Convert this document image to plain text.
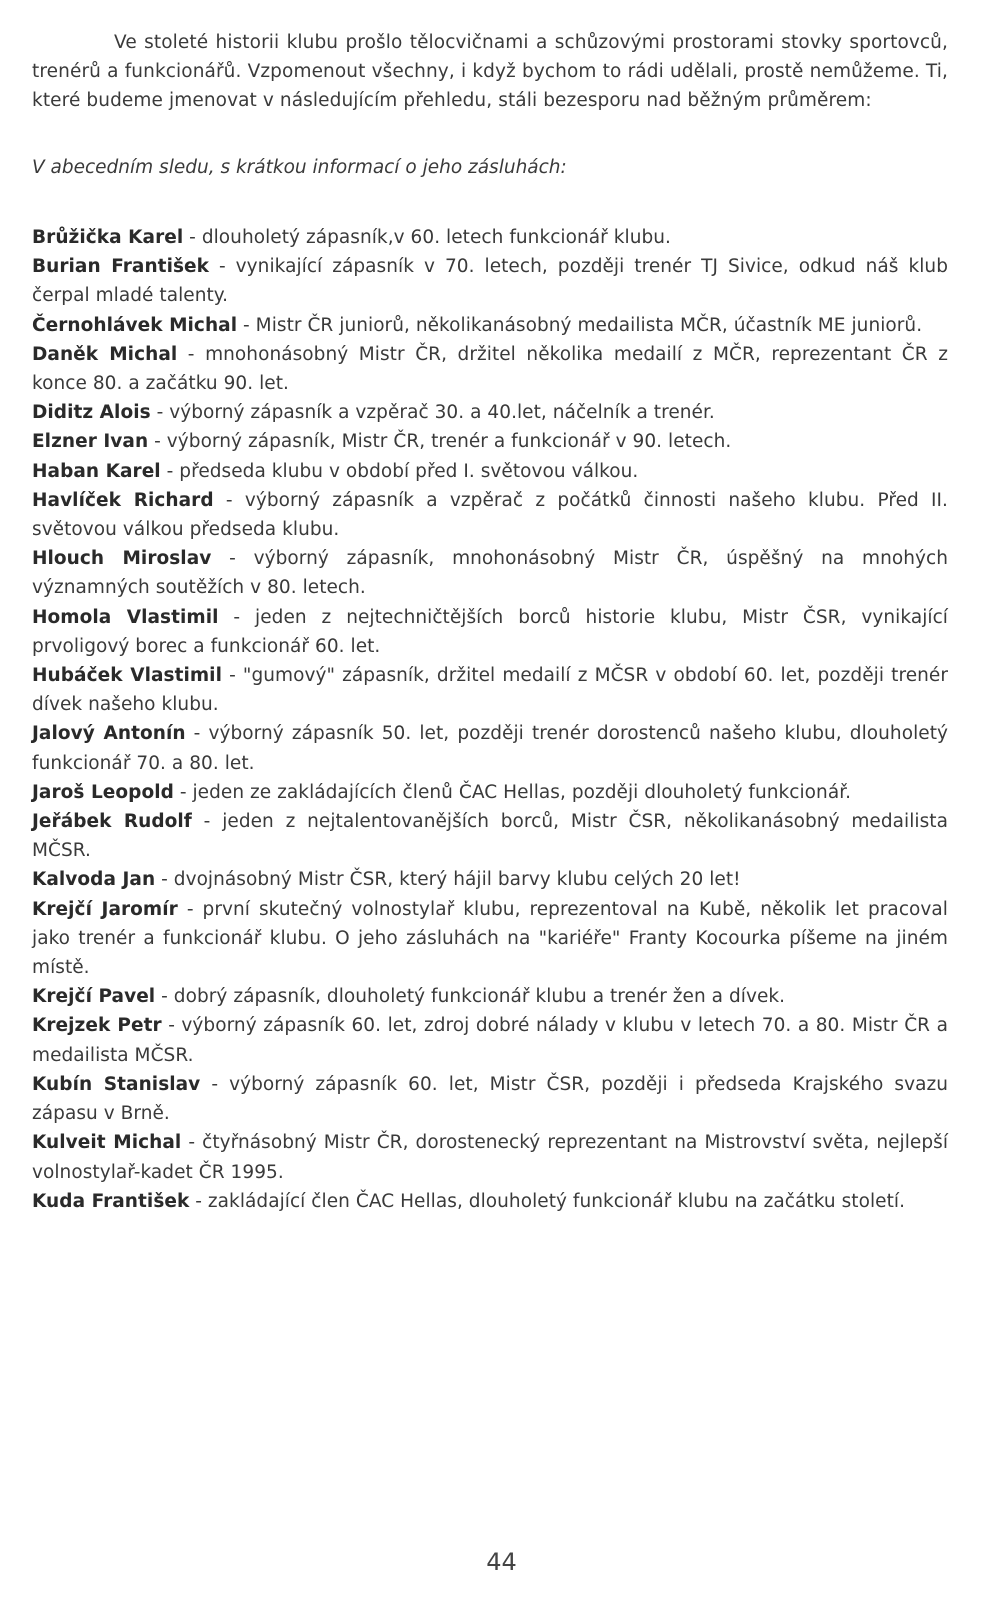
Ve stoleté historii klubu prošlo tělocvičnami a schůzovými prostorami stovky sportovců, trenérů a funkcionářů. Vzpomenout všechny, i když bychom to rádi udělali, prostě nemůžeme. Ti, které budeme jmenovat v následujícím přehledu, stáli bezesporu nad běžným průměrem:

V abecedním sledu, s krátkou informací o jeho zásluhách:

Brůžička Karel - dlouholetý zápasník,v 60. letech funkcionář klubu.
Burian František - vynikající zápasník v 70. letech, později trenér TJ Sivice, odkud náš klub čerpal mladé talenty.
Černohlávek Michal - Mistr ČR juniorů, několikanásobný medailista MČR, účastník ME juniorů.
Daněk Michal - mnohonásobný Mistr ČR, držitel několika medailí z MČR, reprezentant ČR z konce 80. a začátku 90. let.
Diditz Alois - výborný zápasník a vzpěrač 30. a 40.let, náčelník a trenér.
Elzner Ivan - výborný zápasník, Mistr ČR, trenér a funkcionář v 90. letech.
Haban Karel - předseda klubu v období před I. světovou válkou.
Havlíček Richard - výborný zápasník a vzpěrač z počátků činnosti našeho klubu. Před II. světovou válkou předseda klubu.
Hlouch Miroslav - výborný zápasník, mnohonásobný Mistr ČR, úspěšný na mnohých významných soutěžích v 80. letech.
Homola Vlastimil - jeden z nejtechničtějších borců historie klubu, Mistr ČSR, vynikající prvoligový borec a funkcionář 60. let.
Hubáček Vlastimil - "gumový" zápasník, držitel medailí z MČSR v období 60. let, později trenér dívek našeho klubu.
Jalový Antonín - výborný zápasník 50. let, později trenér dorostenců našeho klubu, dlouholetý funkcionář 70. a 80. let.
Jaroš Leopold - jeden ze zakládajících členů ČAC Hellas, později dlouholetý funkcionář.
Jeřábek Rudolf - jeden z nejtalentovanějších borců, Mistr ČSR, několikanásobný medailista MČSR.
Kalvoda Jan - dvojnásobný Mistr ČSR, který hájil barvy klubu celých 20 let!
Krejčí Jaromír - první skutečný volnostylař klubu, reprezentoval na Kubě, několik let pracoval jako trenér a funkcionář klubu. O jeho zásluhách na "kariéře" Franty Kocourka píšeme na jiném místě.
Krejčí Pavel - dobrý zápasník, dlouholetý funkcionář klubu a trenér žen a dívek.
Krejzek Petr - výborný zápasník 60. let, zdroj dobré nálady v klubu v letech 70. a 80. Mistr ČR a medailista MČSR.
Kubín Stanislav - výborný zápasník 60. let, Mistr ČSR, později i předseda Krajského svazu zápasu v Brně.
Kulveit Michal - čtyřnásobný Mistr ČR, dorostenecký reprezentant na Mistrovství světa, nejlepší volnostylař-kadet ČR 1995.
Kuda František - zakládající člen ČAC Hellas, dlouholetý funkcionář klubu na začátku století.
44
